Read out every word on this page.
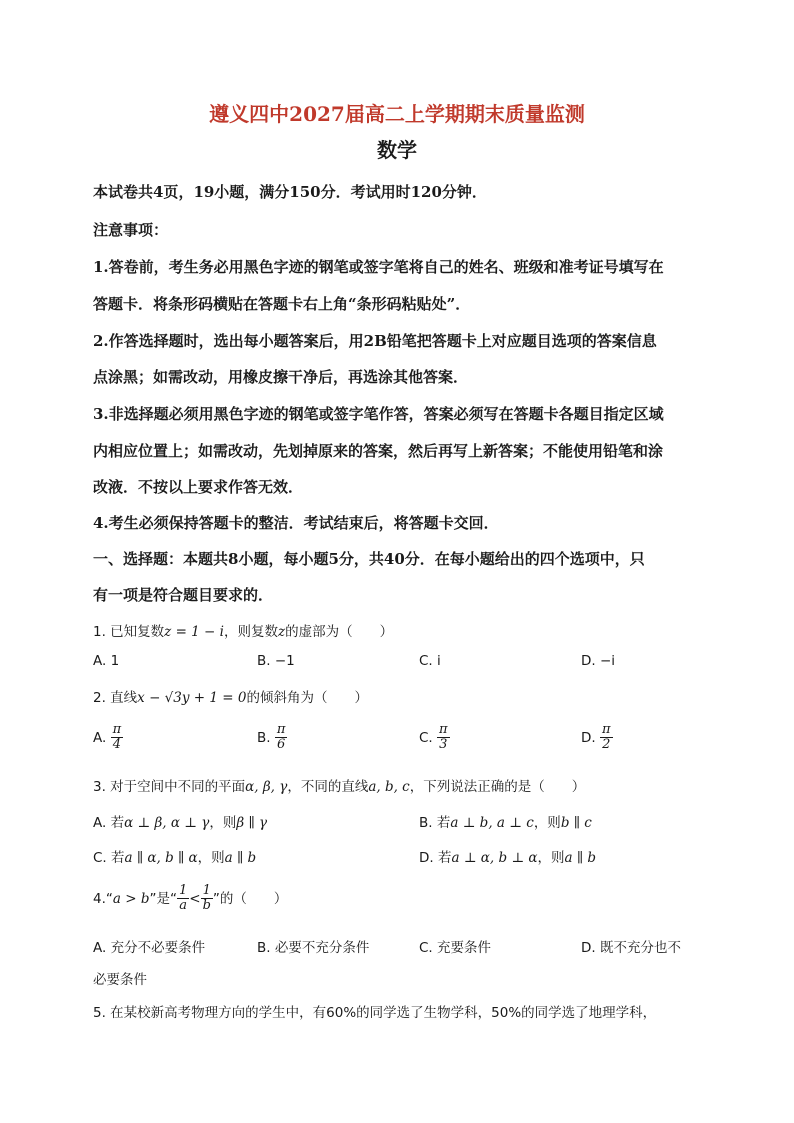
遵义四中2027届高二上学期期末质量监测
数学
本试卷共4页，19小题，满分150分．考试用时120分钟．
注意事项：
1.答卷前，考生务必用黑色字迹的钢笔或签字笔将自己的姓名、班级和准考证号填写在
答题卡．将条形码横贴在答题卡右上角“条形码粘贴处”．
2.作答选择题时，选出每小题答案后，用2B铅笔把答题卡上对应题目选项的答案信息
点涂黑；如需改动，用橡皮擦干净后，再选涂其他答案．
3.非选择题必须用黑色字迹的钢笔或签字笔作答，答案必须写在答题卡各题目指定区域
内相应位置上；如需改动，先划掉原来的答案，然后再写上新答案；不能使用铅笔和涂
改液．不按以上要求作答无效．
4.考生必须保持答题卡的整洁．考试结束后，将答题卡交回．
一、选择题：本题共8小题，每小题5分，共40分．在每小题给出的四个选项中，只
有一项是符合题目要求的．
1. 已知复数z = 1 − i，则复数z的虚部为（　　）
A. 1	B. −1	C. i	D. −i
2. 直线x − √3y + 1 = 0的倾斜角为（　　）
A. $\frac{\pi}{4}$	B. $\frac{\pi}{6}$	C. $\frac{\pi}{3}$	D. $\frac{\pi}{2}$
3. 对于空间中不同的平面α, β, γ，不同的直线a, b, c，下列说法正确的是（　　）
A. 若α ⊥ β, α ⊥ γ，则β ∥ γ	B. 若a ⊥ b, a ⊥ c，则b ∥ c
C. 若a ∥ α, b ∥ α，则a ∥ b	D. 若a ⊥ α, b ⊥ α，则a ∥ b
4.“a > b”是“ $\frac{1}{a} < \frac{1}{b}$ ”的（　　）
A. 充分不必要条件	B. 必要不充分条件	C. 充要条件	D. 既不充分也不
必要条件
5. 在某校新高考物理方向的学生中，有60%的同学选了生物学科，50%的同学选了地理学科，
